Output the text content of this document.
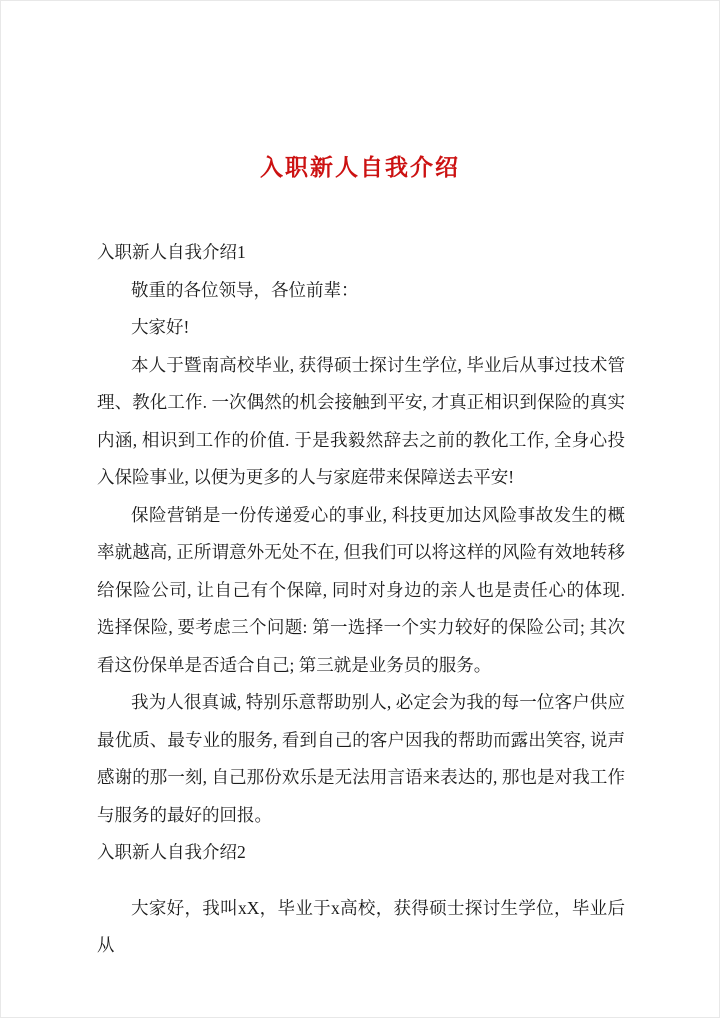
入职新人自我介绍

入职新人自我介绍1

敬重的各位领导，各位前辈：

大家好!

本人于暨南高校毕业, 获得硕士探讨生学位, 毕业后从事过技术管理、教化工作. 一次偶然的机会接触到平安, 才真正相识到保险的真实内涵, 相识到工作的价值. 于是我毅然辞去之前的教化工作, 全身心投入保险事业, 以便为更多的人与家庭带来保障送去平安!

保险营销是一份传递爱心的事业, 科技更加达风险事故发生的概率就越高, 正所谓意外无处不在, 但我们可以将这样的风险有效地转移给保险公司, 让自己有个保障, 同时对身边的亲人也是责任心的体现. 选择保险, 要考虑三个问题: 第一选择一个实力较好的保险公司; 其次看这份保单是否适合自己; 第三就是业务员的服务。

我为人很真诚, 特别乐意帮助别人, 必定会为我的每一位客户供应最优质、最专业的服务, 看到自己的客户因我的帮助而露出笑容, 说声感谢的那一刻, 自己那份欢乐是无法用言语来表达的, 那也是对我工作与服务的最好的回报。

入职新人自我介绍2

大家好，我叫xX，毕业于x高校，获得硕士探讨生学位，毕业后从
